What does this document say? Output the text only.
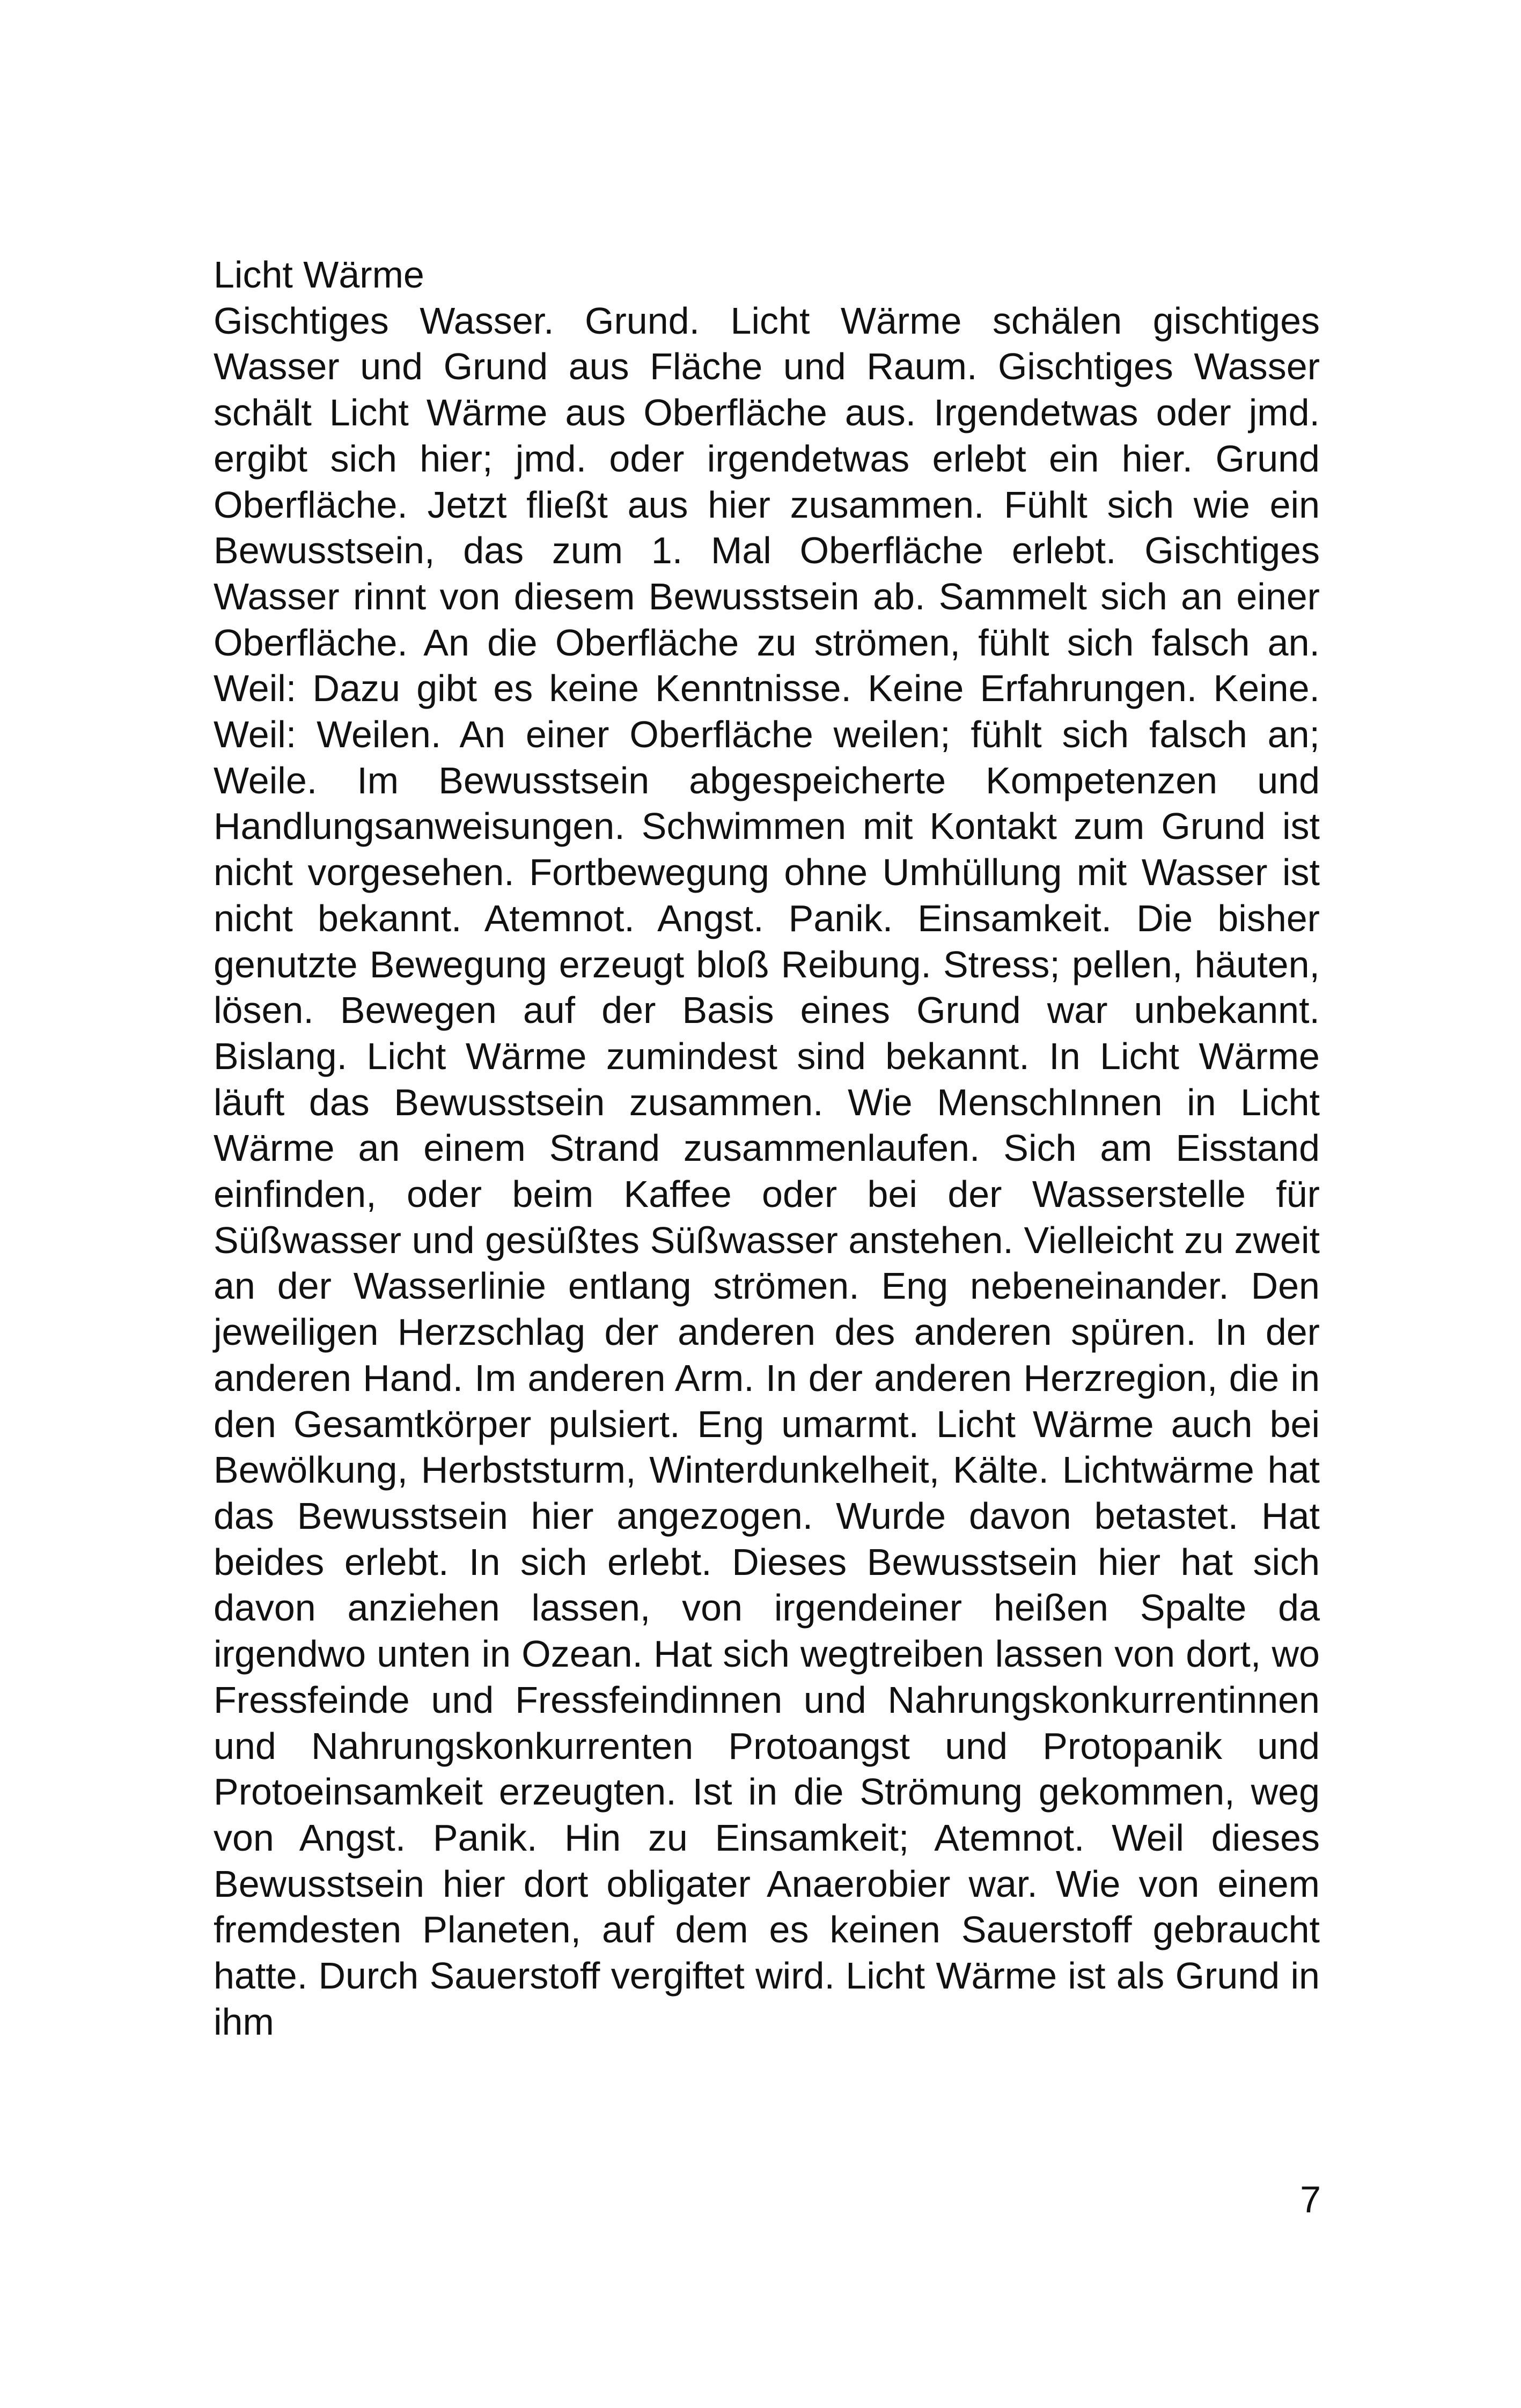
Licht Wärme

Gischtiges Wasser. Grund. Licht Wärme schälen gischtiges Wasser und Grund aus Fläche und Raum. Gischtiges Wasser schält Licht Wärme aus Oberfläche aus. Irgendetwas oder jmd. ergibt sich hier; jmd. oder irgendetwas erlebt ein hier. Grund Oberfläche. Jetzt fließt aus hier zusammen. Fühlt sich wie ein Bewusstsein, das zum 1. Mal Oberfläche erlebt. Gischtiges Wasser rinnt von diesem Bewusstsein ab. Sammelt sich an einer Oberfläche. An die Oberfläche zu strömen, fühlt sich falsch an. Weil: Dazu gibt es keine Kenntnisse. Keine Erfahrungen. Keine. Weil: Weilen. An einer Oberfläche weilen; fühlt sich falsch an; Weile. Im Bewusstsein abgespeicherte Kompetenzen und Handlungsanweisungen. Schwimmen mit Kontakt zum Grund ist nicht vorgesehen. Fortbewegung ohne Umhüllung mit Wasser ist nicht bekannt. Atemnot. Angst. Panik. Einsamkeit. Die bisher genutzte Bewegung erzeugt bloß Reibung. Stress; pellen, häuten, lösen. Bewegen auf der Basis eines Grund war unbekannt. Bislang. Licht Wärme zumindest sind bekannt. In Licht Wärme läuft das Bewusstsein zusammen. Wie MenschInnen in Licht Wärme an einem Strand zusammenlaufen. Sich am Eisstand einfinden, oder beim Kaffee oder bei der Wasserstelle für Süßwasser und gesüßtes Süßwasser anstehen. Vielleicht zu zweit an der Wasserlinie entlang strömen. Eng nebeneinander. Den jeweiligen Herzschlag der anderen des anderen spüren. In der anderen Hand. Im anderen Arm. In der anderen Herzregion, die in den Gesamtkörper pulsiert. Eng umarmt. Licht Wärme auch bei Bewölkung, Herbststurm, Winterdunkelheit, Kälte. Lichtwärme hat das Bewusstsein hier angezogen. Wurde davon betastet. Hat beides erlebt. In sich erlebt. Dieses Bewusstsein hier hat sich davon anziehen lassen, von irgendeiner heißen Spalte da irgendwo unten in Ozean. Hat sich wegtreiben lassen von dort, wo Fressfeinde und Fressfeindinnen und Nahrungskonkurrentinnen und Nahrungskonkurrenten Protoangst und Protopanik und Protoeinsamkeit erzeugten. Ist in die Strömung gekommen, weg von Angst. Panik. Hin zu Einsamkeit; Atemnot. Weil dieses Bewusstsein hier dort obligater Anaerobier war. Wie von einem fremdesten Planeten, auf dem es keinen Sauerstoff gebraucht hatte. Durch Sauerstoff vergiftet wird. Licht Wärme ist als Grund in ihm

7
